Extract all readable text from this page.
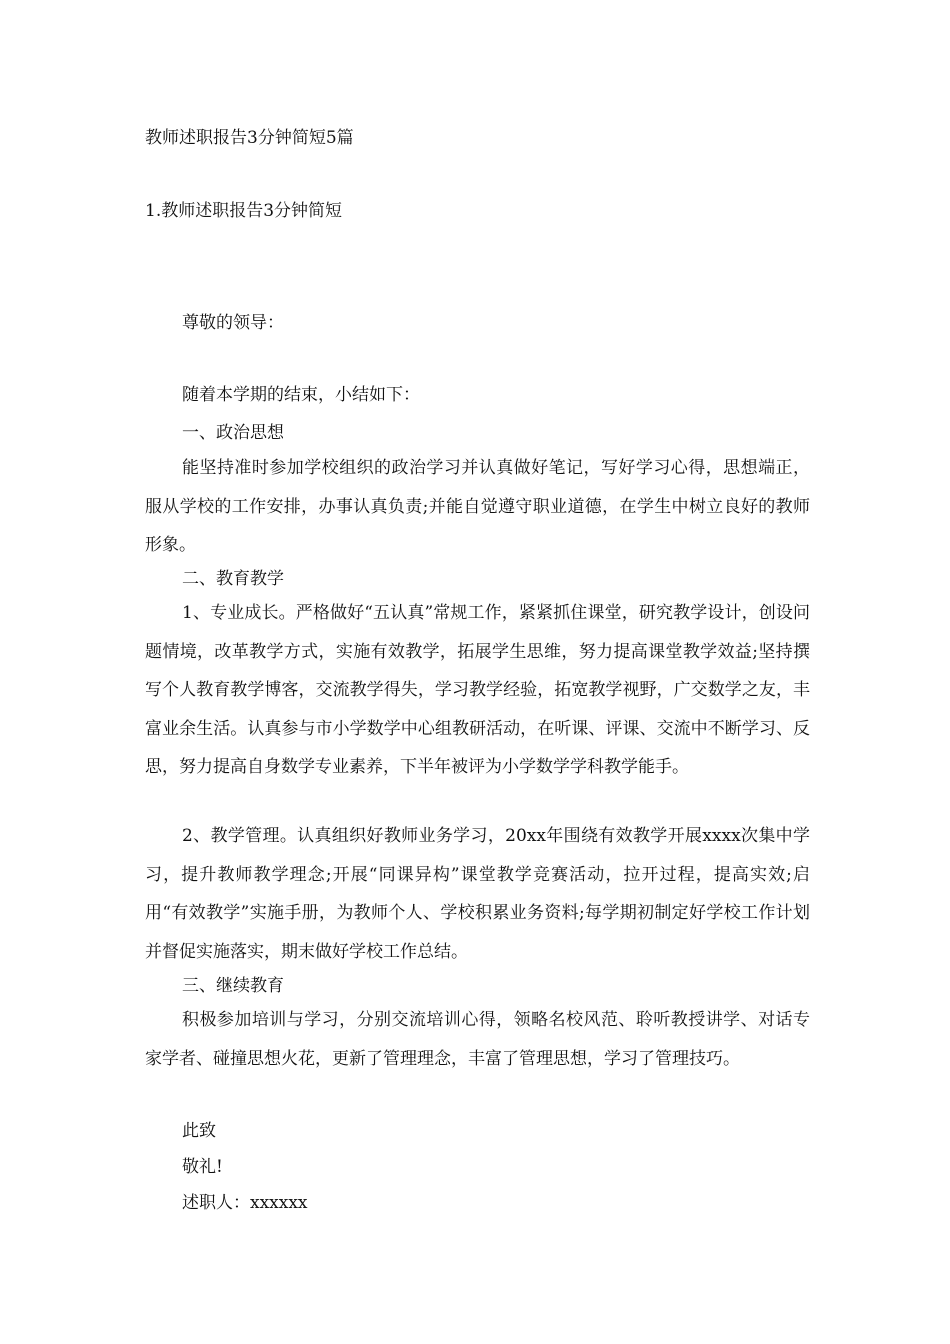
教师述职报告3分钟简短5篇

1.教师述职报告3分钟简短

尊敬的领导：

随着本学期的结束，小结如下：

一、政治思想

能坚持准时参加学校组织的政治学习并认真做好笔记，写好学习心得，思想端正，服从学校的工作安排，办事认真负责;并能自觉遵守职业道德，在学生中树立良好的教师形象。

二、教育教学

1、专业成长。严格做好“五认真”常规工作，紧紧抓住课堂，研究教学设计，创设问题情境，改革教学方式，实施有效教学，拓展学生思维，努力提高课堂教学效益;坚持撰写个人教育教学博客，交流教学得失，学习教学经验，拓宽教学视野，广交数学之友，丰富业余生活。认真参与市小学数学中心组教研活动，在听课、评课、交流中不断学习、反思，努力提高自身数学专业素养，下半年被评为小学数学学科教学能手。

2、教学管理。认真组织好教师业务学习，20xx年围绕有效教学开展xxxx次集中学习，提升教师教学理念;开展“同课异构”课堂教学竞赛活动，拉开过程，提高实效;启用“有效教学”实施手册，为教师个人、学校积累业务资料;每学期初制定好学校工作计划并督促实施落实，期末做好学校工作总结。

三、继续教育

积极参加培训与学习，分别交流培训心得，领略名校风范、聆听教授讲学、对话专家学者、碰撞思想火花，更新了管理理念，丰富了管理思想，学习了管理技巧。

此致

敬礼!

述职人：xxxxxx
